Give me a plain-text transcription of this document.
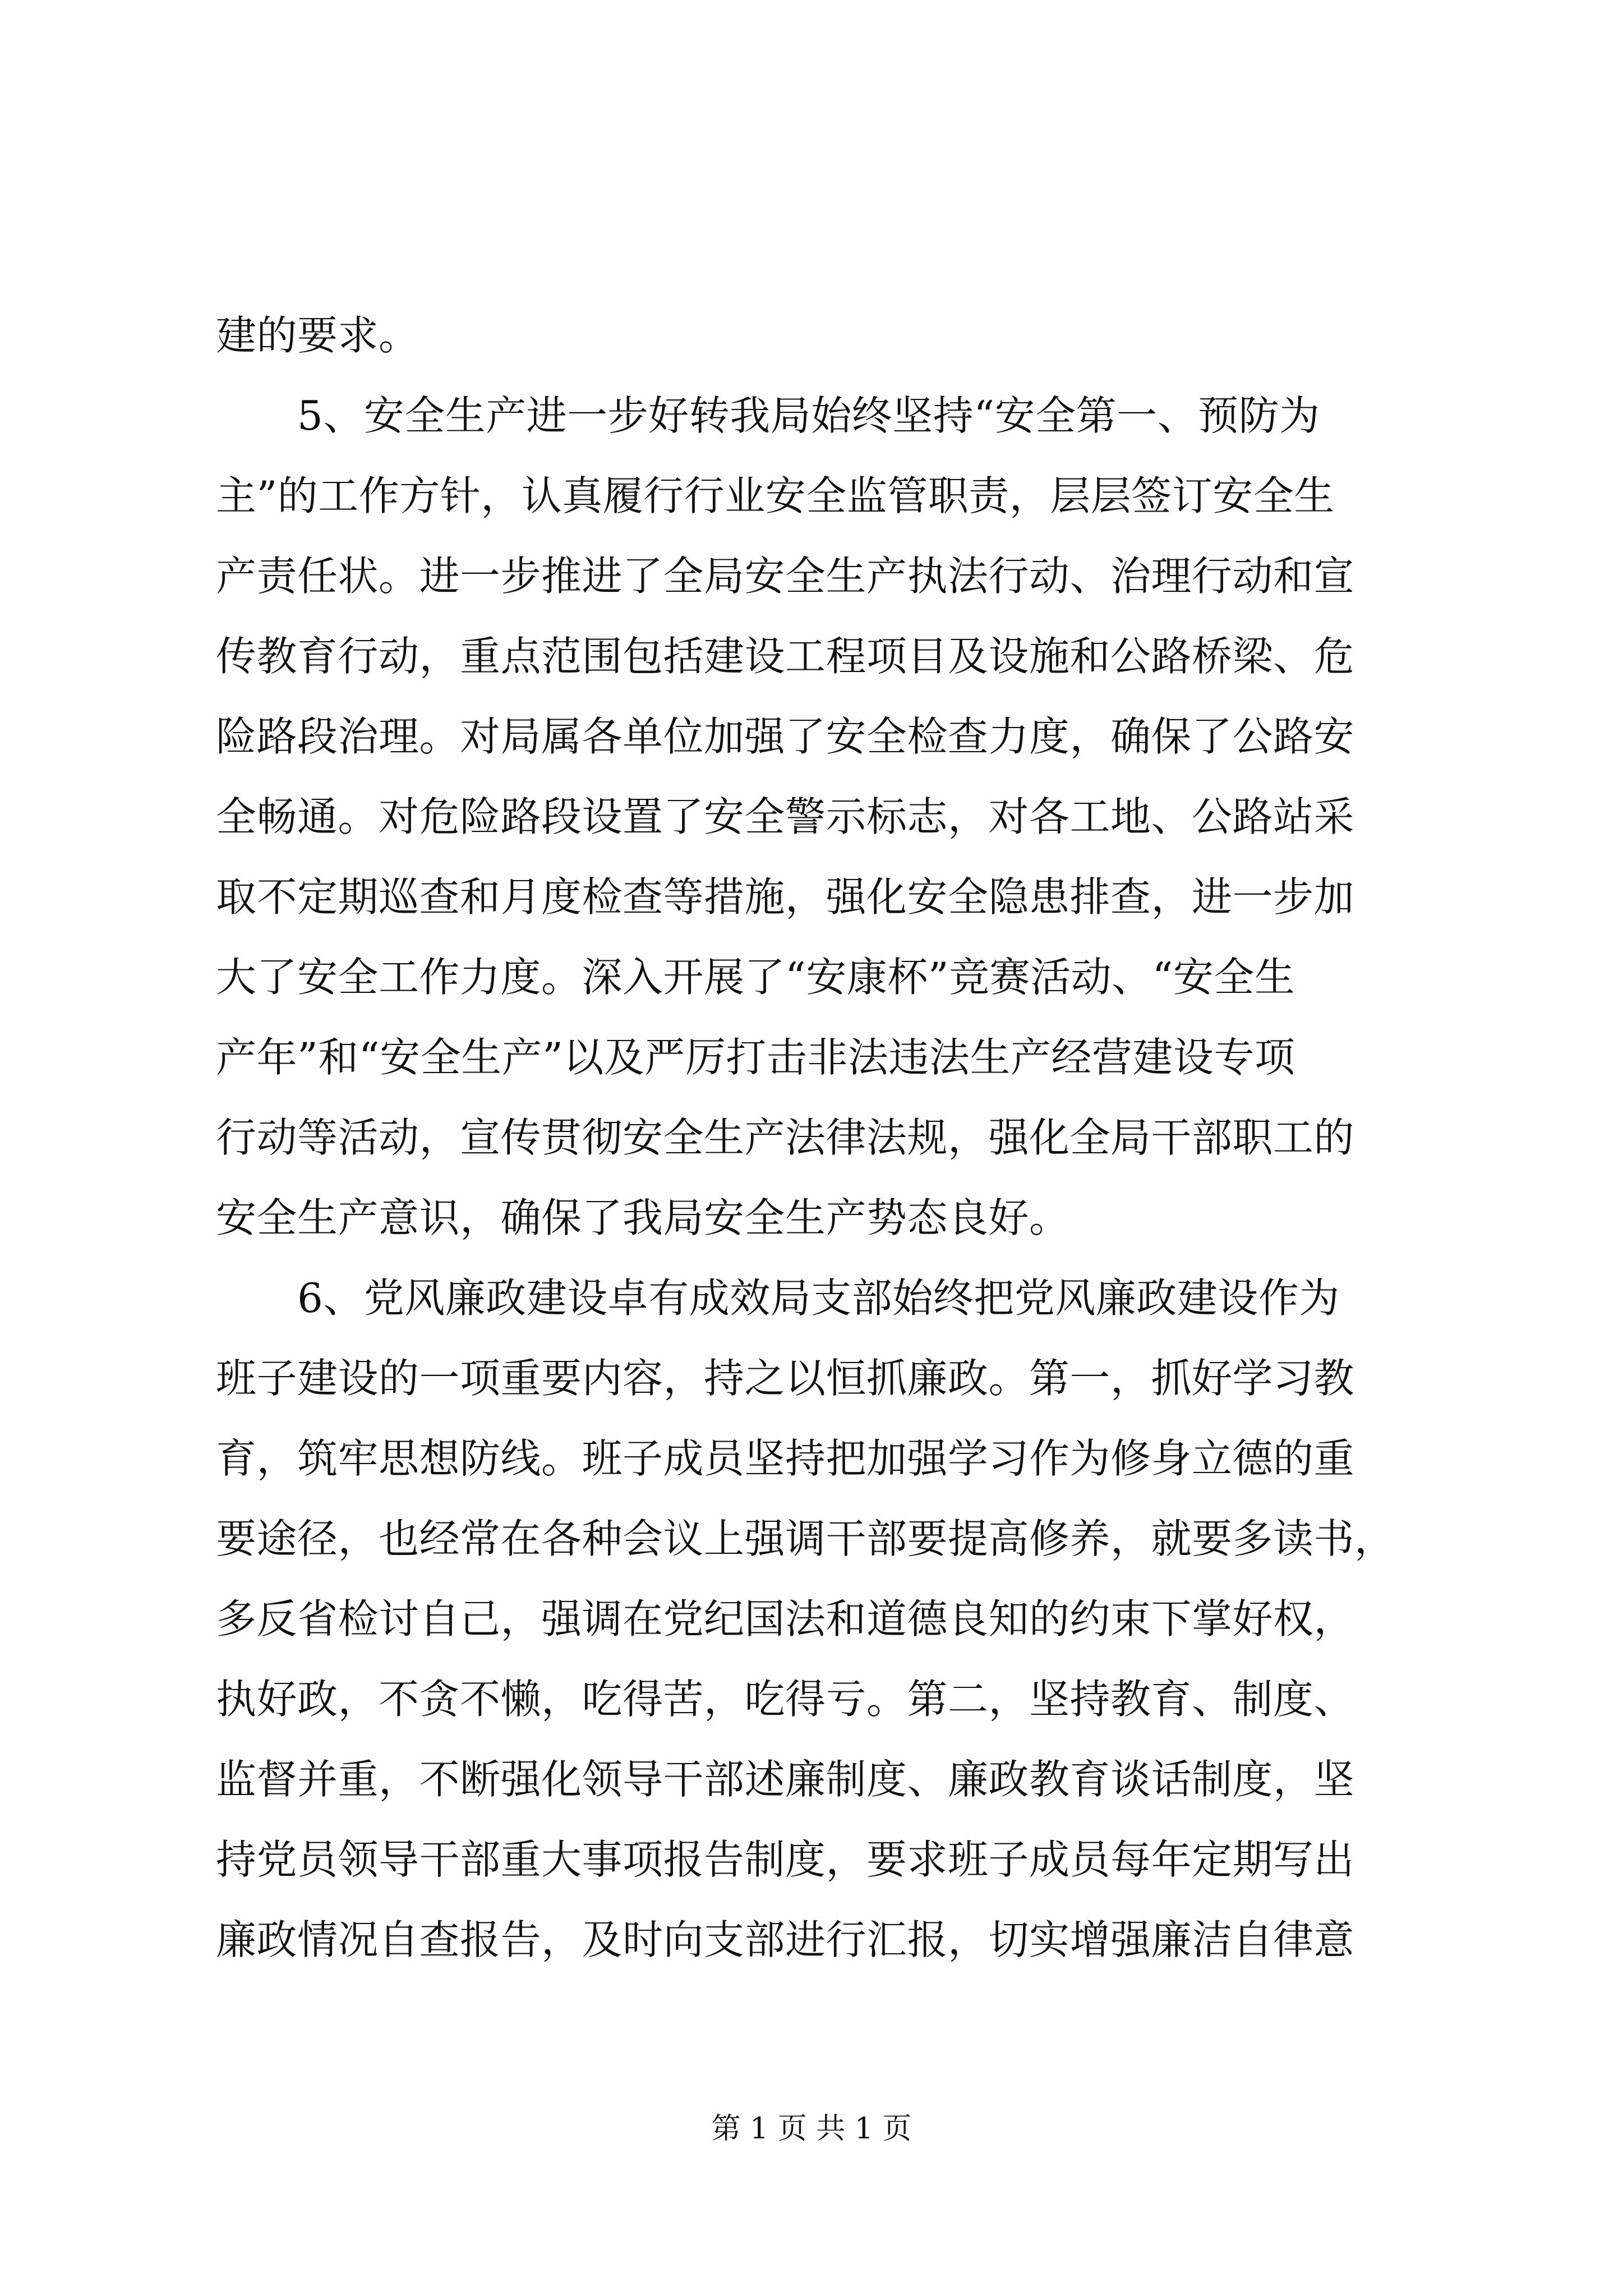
建的要求。
5、安全生产进一步好转我局始终坚持“安全第一、预防为
主”的工作方针，认真履行行业安全监管职责，层层签订安全生
产责任状。进一步推进了全局安全生产执法行动、治理行动和宣
传教育行动，重点范围包括建设工程项目及设施和公路桥梁、危
险路段治理。对局属各单位加强了安全检查力度，确保了公路安
全畅通。对危险路段设置了安全警示标志，对各工地、公路站采
取不定期巡查和月度检查等措施，强化安全隐患排查，进一步加
大了安全工作力度。深入开展了“安康杯”竞赛活动、“安全生
产年”和“安全生产”以及严厉打击非法违法生产经营建设专项
行动等活动，宣传贯彻安全生产法律法规，强化全局干部职工的
安全生产意识，确保了我局安全生产势态良好。
6、党风廉政建设卓有成效局支部始终把党风廉政建设作为
班子建设的一项重要内容，持之以恒抓廉政。第一，抓好学习教
育，筑牢思想防线。班子成员坚持把加强学习作为修身立德的重
要途径，也经常在各种会议上强调干部要提高修养，就要多读书，
多反省检讨自己，强调在党纪国法和道德良知的约束下掌好权，
执好政，不贪不懒，吃得苦，吃得亏。第二，坚持教育、制度、
监督并重，不断强化领导干部述廉制度、廉政教育谈话制度，坚
持党员领导干部重大事项报告制度，要求班子成员每年定期写出
廉政情况自查报告，及时向支部进行汇报，切实增强廉洁自律意
第 1 页 共 1 页
